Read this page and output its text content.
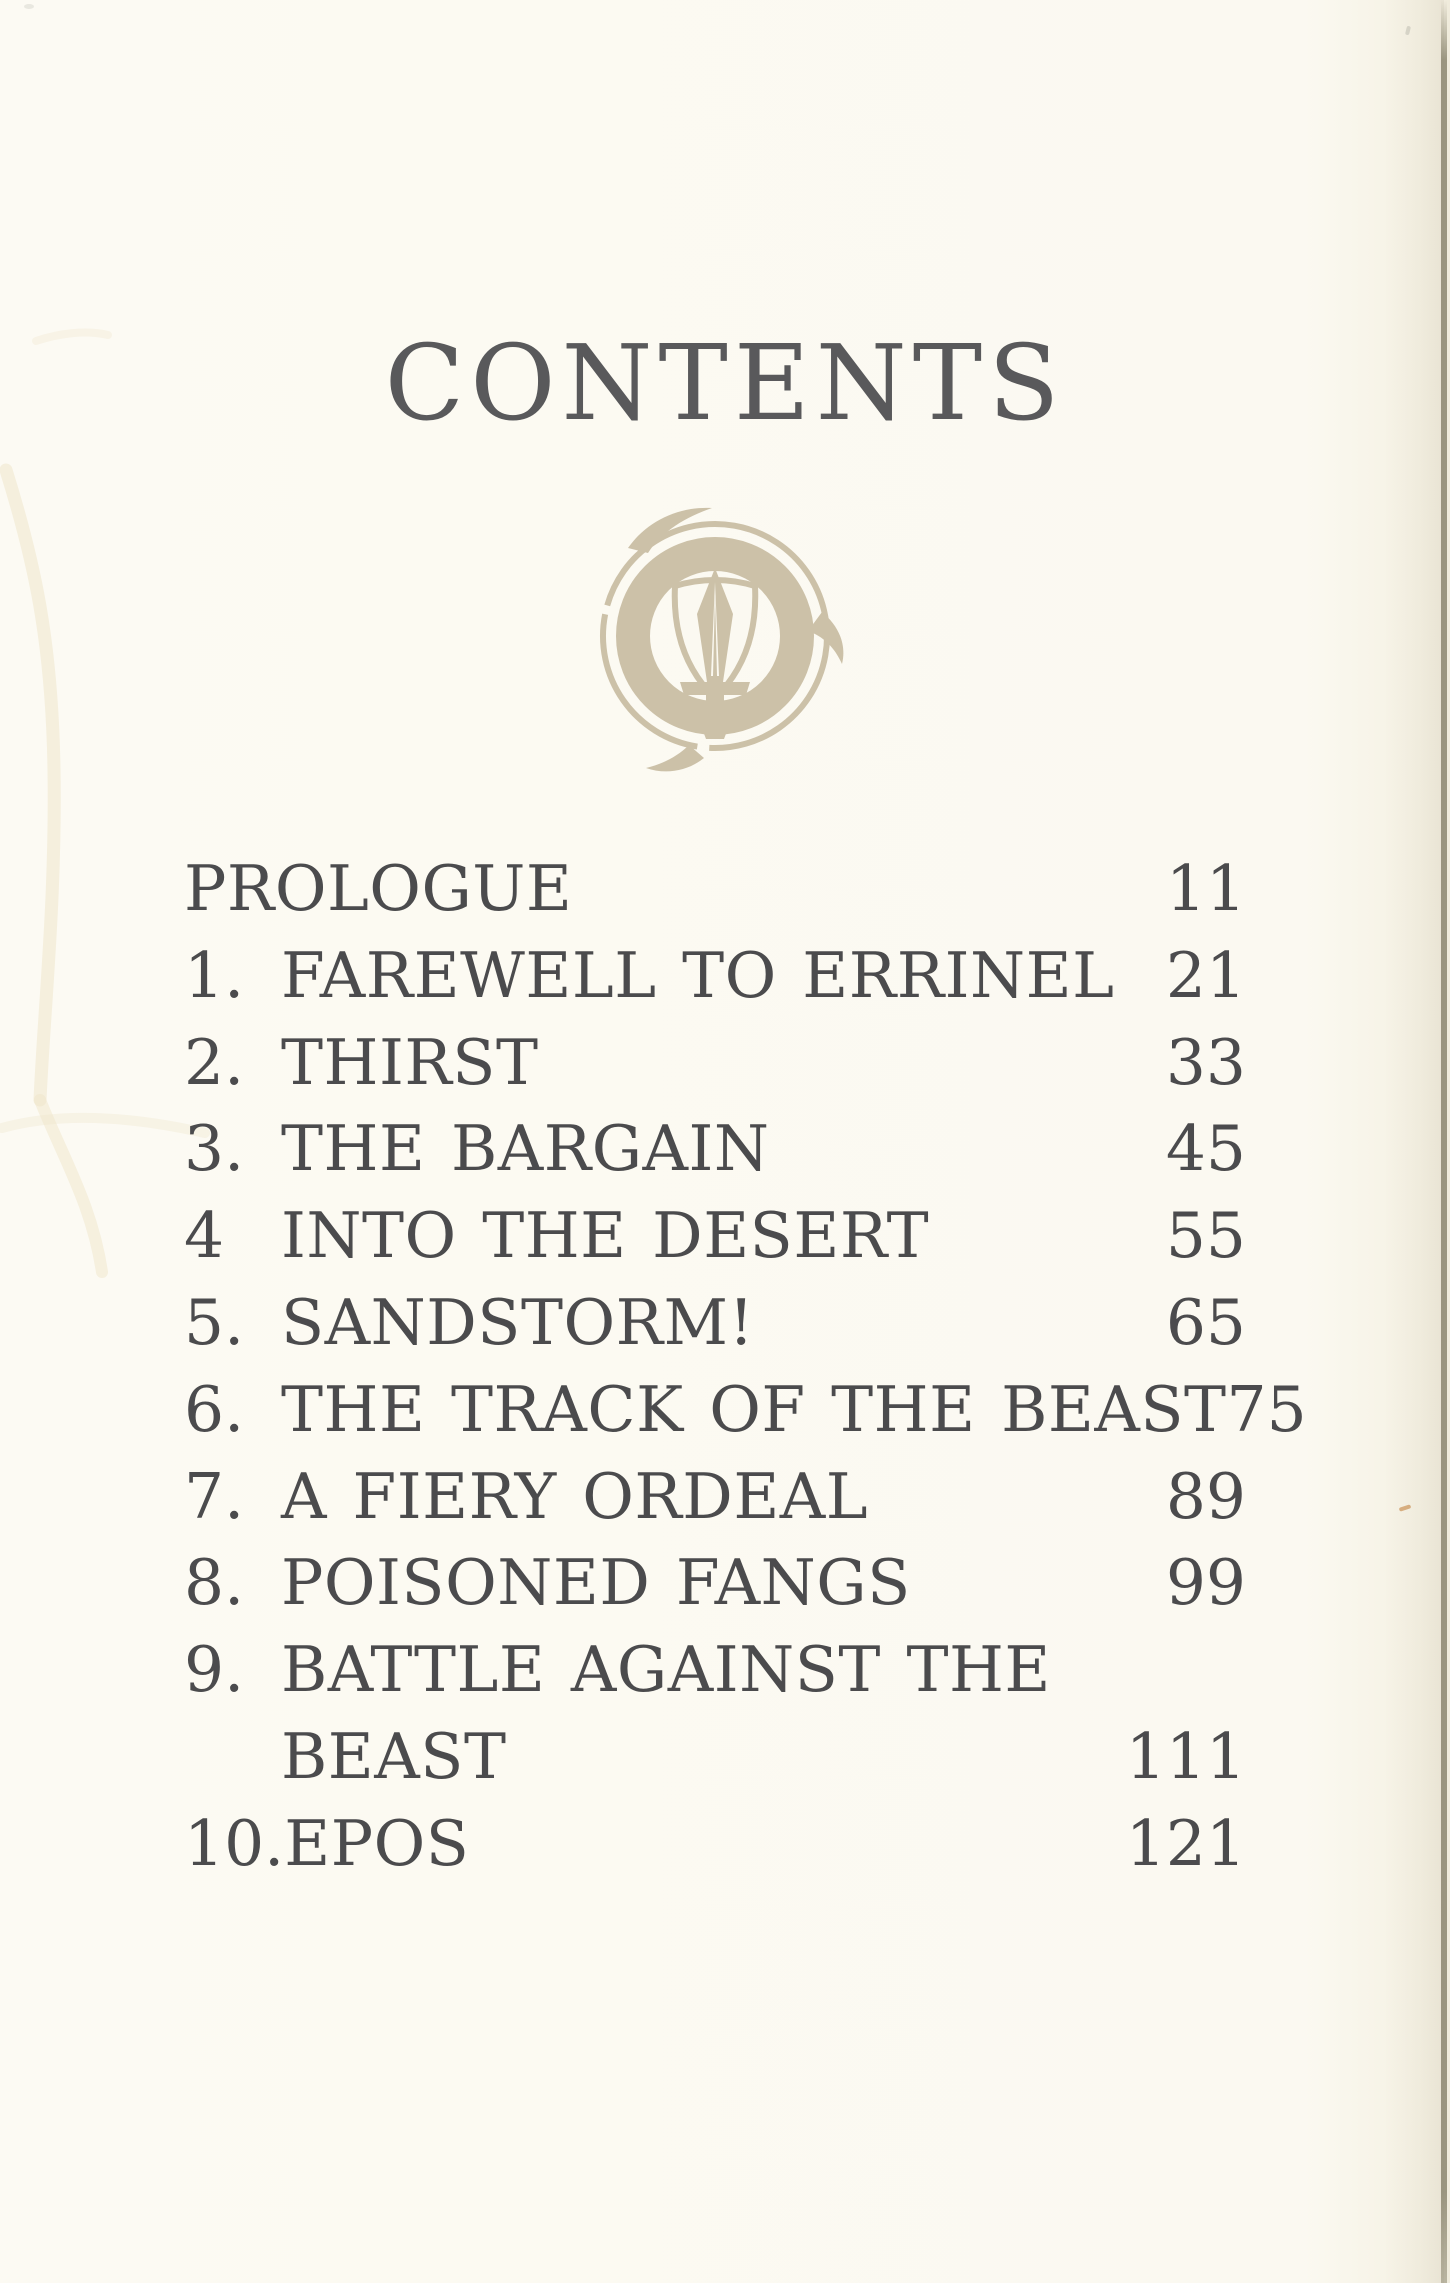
CONTENTS
PROLOGUE	11
1. FAREWELL TO ERRINEL 21
2. THIRST	33
3. THE BARGAIN	45
4 INTO THE DESERT	55
5. SANDSTORM!	65
6. THE TRACK OF THE BEAST 75
7. A FIERY ORDEAL	89
8. POISONED FANGS	99
9. BATTLE AGAINST THE
BEAST	111
10. EPOS	121
